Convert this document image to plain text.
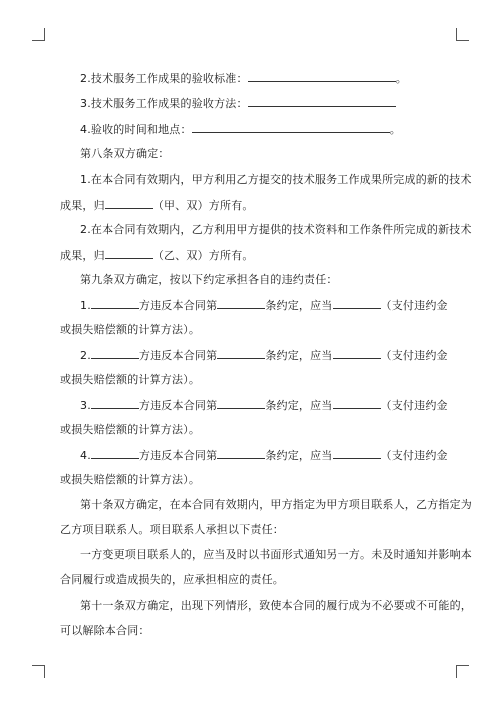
2.技术服务工作成果的验收标准：	。
3.技术服务工作成果的验收方法：
4.验收的时间和地点：	。
第八条双方确定：
1.在本合同有效期内，甲方利用乙方提交的技术服务工作成果所完成的新的技术
成果，归	（甲、双）方所有。
2.在本合同有效期内，乙方利用甲方提供的技术资料和工作条件所完成的新技术
成果，归	（乙、双）方所有。
第九条双方确定，按以下约定承担各自的违约责任：
1.	方违反本合同第	条约定，应当	（支付违约金
或损失赔偿额的计算方法）。
2.	方违反本合同第	条约定，应当	（支付违约金
或损失赔偿额的计算方法）。
3.	方违反本合同第	条约定，应当	（支付违约金
或损失赔偿额的计算方法）。
4.	方违反本合同第	条约定，应当	（支付违约金
或损失赔偿额的计算方法）。
第十条双方确定，在本合同有效期内，甲方指定为甲方项目联系人，乙方指定为
乙方项目联系人。项目联系人承担以下责任：
一方变更项目联系人的，应当及时以书面形式通知另一方。未及时通知并影响本
合同履行或造成损失的，应承担相应的责任。
第十一条双方确定，出现下列情形，致使本合同的履行成为不必要或不可能的，
可以解除本合同：
